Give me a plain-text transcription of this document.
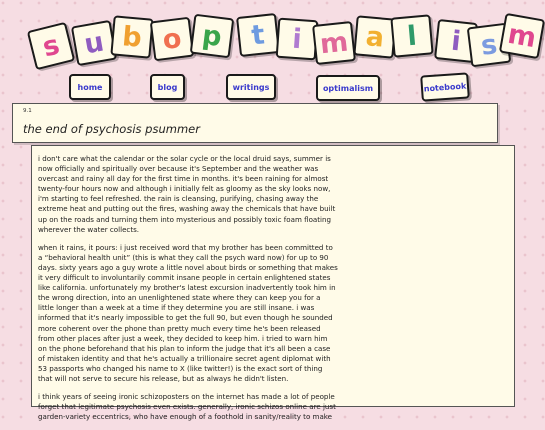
s u b o p t i m a l	i s m
home	blog	writings	optimalism	notebook
9.1
the end of psychosis psummer

i don't care what the calendar or the solar cycle or the local druid says, summer is now officially and spiritually over because it's September and the weather was overcast and rainy all day for the first time in months. it's been raining for almost twenty-four hours now and although i initially felt as gloomy as the sky looks now, i'm starting to feel refreshed. the rain is cleansing, purifying, chasing away the extreme heat and putting out the fires, washing away the chemicals that have built up on the roads and turning them into mysterious and possibly toxic foam floating wherever the water collects.

when it rains, it pours: i just received word that my brother has been committed to a “behavioral health unit” (this is what they call the psych ward now) for up to 90 days. sixty years ago a guy wrote a little novel about birds or something that makes it very difficult to involuntarily commit insane people in certain enlightened states like california. unfortunately my brother's latest excursion inadvertently took him in the wrong direction, into an unenlightened state where they can keep you for a little longer than a week at a time if they determine you are still insane. i was informed that it's nearly impossible to get the full 90, but even though he sounded more coherent over the phone than pretty much every time he's been released from other places after just a week, they decided to keep him. i tried to warn him on the phone beforehand that his plan to inform the judge that it's all been a case of mistaken identity and that he's actually a trillionaire secret agent diplomat with 53 passports who changed his name to X (like twitter!) is the exact sort of thing that will not serve to secure his release, but as always he didn't listen.

i think years of seeing ironic schizoposters on the internet has made a lot of people forget that legitimate psychosis even exists. generally, ironic schizos online are just garden-variety eccentrics, who have enough of a foothold in sanity/reality to make
